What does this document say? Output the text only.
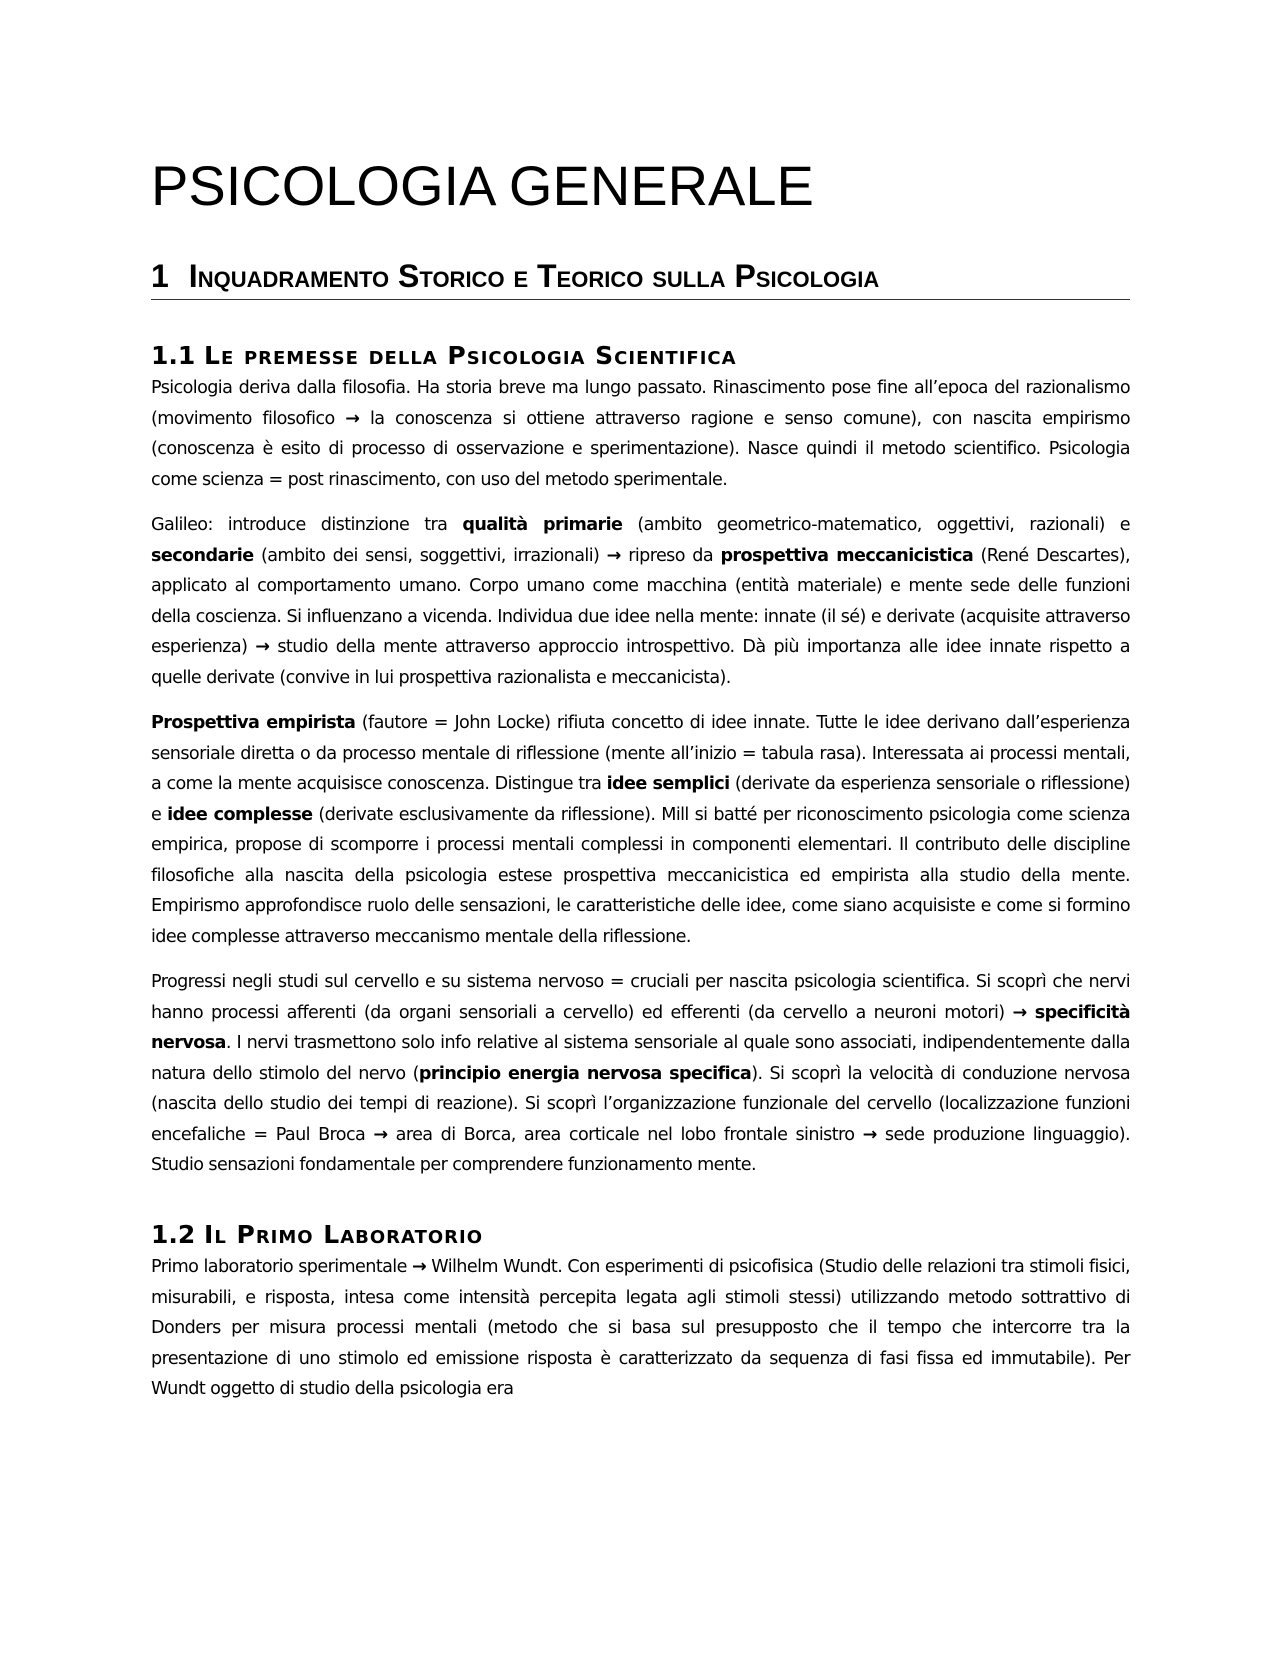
PSICOLOGIA GENERALE
1 Inquadramento Storico e Teorico sulla Psicologia
1.1 Le premesse della Psicologia Scientifica

Psicologia deriva dalla filosofia. Ha storia breve ma lungo passato. Rinascimento pose fine all’epoca del razionalismo (movimento filosofico → la conoscenza si ottiene attraverso ragione e senso comune), con nascita empirismo (conoscenza è esito di processo di osservazione e sperimentazione). Nasce quindi il metodo scientifico. Psicologia come scienza = post rinascimento, con uso del metodo sperimentale.

Galileo: introduce distinzione tra qualità primarie (ambito geometrico-matematico, oggettivi, razionali) e secondarie (ambito dei sensi, soggettivi, irrazionali) → ripreso da prospettiva meccanicistica (René Descartes), applicato al comportamento umano. Corpo umano come macchina (entità materiale) e mente sede delle funzioni della coscienza. Si influenzano a vicenda. Individua due idee nella mente: innate (il sé) e derivate (acquisite attraverso esperienza) → studio della mente attraverso approccio introspettivo. Dà più importanza alle idee innate rispetto a quelle derivate (convive in lui prospettiva razionalista e meccanicista).

Prospettiva empirista (fautore = John Locke) rifiuta concetto di idee innate. Tutte le idee derivano dall’esperienza sensoriale diretta o da processo mentale di riflessione (mente all’inizio = tabula rasa). Interessata ai processi mentali, a come la mente acquisisce conoscenza. Distingue tra idee semplici (derivate da esperienza sensoriale o riflessione) e idee complesse (derivate esclusivamente da riflessione). Mill si batté per riconoscimento psicologia come scienza empirica, propose di scomporre i processi mentali complessi in componenti elementari. Il contributo delle discipline filosofiche alla nascita della psicologia estese prospettiva meccanicistica ed empirista alla studio della mente. Empirismo approfondisce ruolo delle sensazioni, le caratteristiche delle idee, come siano acquisiste e come si formino idee complesse attraverso meccanismo mentale della riflessione.

Progressi negli studi sul cervello e su sistema nervoso = cruciali per nascita psicologia scientifica. Si scoprì che nervi hanno processi afferenti (da organi sensoriali a cervello) ed efferenti (da cervello a neuroni motori) → specificità nervosa. I nervi trasmettono solo info relative al sistema sensoriale al quale sono associati, indipendentemente dalla natura dello stimolo del nervo (principio energia nervosa specifica). Si scoprì la velocità di conduzione nervosa (nascita dello studio dei tempi di reazione). Si scoprì l’organizzazione funzionale del cervello (localizzazione funzioni encefaliche = Paul Broca → area di Borca, area corticale nel lobo frontale sinistro → sede produzione linguaggio). Studio sensazioni fondamentale per comprendere funzionamento mente.

1.2 Il Primo Laboratorio

Primo laboratorio sperimentale → Wilhelm Wundt. Con esperimenti di psicofisica (Studio delle relazioni tra stimoli fisici, misurabili, e risposta, intesa come intensità percepita legata agli stimoli stessi) utilizzando metodo sottrattivo di Donders per misura processi mentali (metodo che si basa sul presupposto che il tempo che intercorre tra la presentazione di uno stimolo ed emissione risposta è caratterizzato da sequenza di fasi fissa ed immutabile). Per Wundt oggetto di studio della psicologia era
